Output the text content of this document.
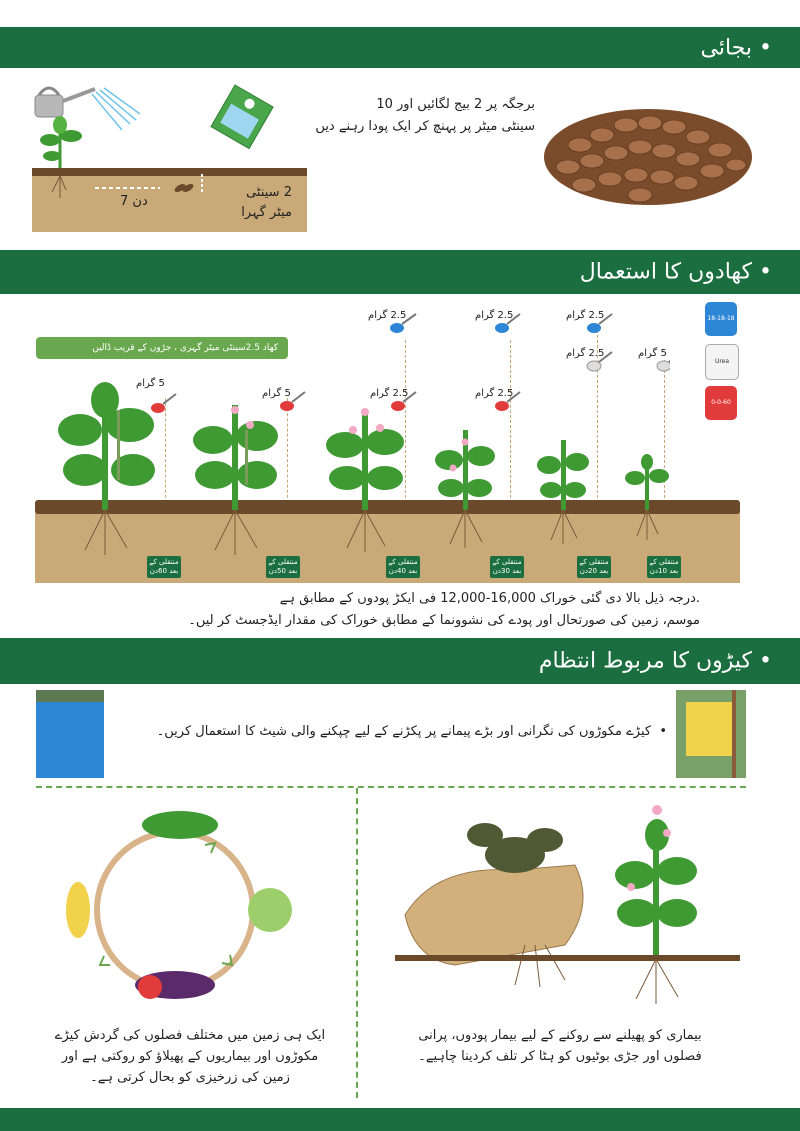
• بجائی
7 دن
2 سینٹی
میٹر گہرا
برجگہ پر 2 بیج لگائیں اور 10
سینٹی میٹر پر پہنچ کر ایک پودا رہنے دیں
• کھادوں کا استعمال
کھاد 2.5سینٹی میٹر گہری ، جڑوں کے قریب ڈالیں
18-18-18
Urea
0-0-60
2.5 گرام	2.5 گرام	2.5 گرام
2.5 گرام	5 گرام
5 گرام
5 گرام	2.5 گرام	2.5 گرام
منتقلی کے
بعد 60دن
منتقلی کے
بعد 50دن
منتقلی کے
بعد 40دن
منتقلی کے
بعد 30دن
منتقلی کے
بعد 20دن
منتقلی کے
بعد 10دن
.درجہ ذیل بالا دی گئی خوراک 16,000-12,000 فی ایکڑ پودوں کے مطابق ہے
موسم، زمین کی صورتحال اور پودے کی نشوونما کے مطابق خوراک کی مقدار ایڈجسٹ کر لیں۔
• کیڑوں کا مربوط انتظام
•  کیڑے مکوڑوں کی نگرانی اور بڑے پیمانے پر پکڑنے کے لیے چپکنے والی شیٹ کا استعمال کریں۔
ایک ہی زمین میں مختلف فصلوں کی گردش کیڑے
مکوڑوں اور بیماریوں کے پھیلاؤ کو روکتی ہے اور
زمین کی زرخیزی کو بحال کرتی ہے۔
بیماری کو پھیلنے سے روکنے کے لیے بیمار پودوں، پرانی
فصلوں اور جڑی بوٹیوں کو ہٹا کر تلف کردینا چاہیے۔
